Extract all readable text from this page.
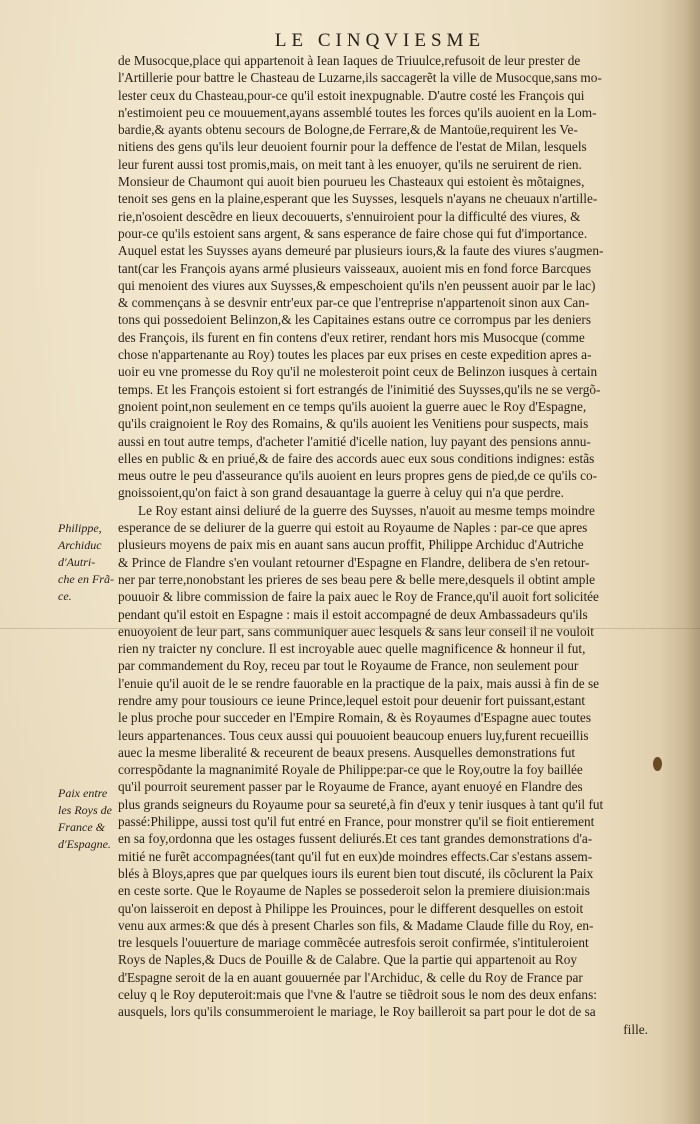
LE CINQVIESME
Philippe,
Archiduc
d'Autri-
che en Frã-
ce.
Paix entre
les Roys de
France &
d'Espagne.
de Musocque,place qui appartenoit à Iean Iaques de Triuulce,refusoit de leur prester de
l'Artillerie pour battre le Chasteau de Luzarne,ils saccagerẽt la ville de Musocque,sans mo-
lester ceux du Chasteau,pour-ce qu'il estoit inexpugnable. D'autre costé les François qui
n'estimoient peu ce mouuement,ayans assemblé toutes les forces qu'ils auoient en la Lom-
bardie,& ayants obtenu secours de Bologne,de Ferrare,& de Mantoüe,requirent les Ve-
nitiens des gens qu'ils leur deuoient fournir pour la deffence de l'estat de Milan, lesquels
leur furent aussi tost promis,mais, on meit tant à les enuoyer, qu'ils ne seruirent de rien.
Monsieur de Chaumont qui auoit bien pourueu les Chasteaux qui estoient ès mõtaignes,
tenoit ses gens en la plaine,esperant que les Suysses, lesquels n'ayans ne cheuaux n'artille-
rie,n'osoient descẽdre en lieux decouuerts, s'ennuiroient pour la difficulté des viures, &
pour-ce qu'ils estoient sans argent, & sans esperance de faire chose qui fut d'importance.
Auquel estat les Suysses ayans demeuré par plusieurs iours,& la faute des viures s'augmen-
tant(car les François ayans armé plusieurs vaisseaux, auoient mis en fond force Barcques
qui menoient des viures aux Suysses,& empeschoient qu'ils n'en peussent auoir par le lac)
& commençans à se desvnir entr'eux par-ce que l'entreprise n'appartenoit sinon aux Can-
tons qui possedoient Belinzon,& les Capitaines estans outre ce corrompus par les deniers
des François, ils furent en fin contens d'eux retirer, rendant hors mis Musocque (comme
chose n'appartenante au Roy) toutes les places par eux prises en ceste expedition apres a-
uoir eu vne promesse du Roy qu'il ne molesteroit point ceux de Belinzon iusques à certain
temps. Et les François estoient si fort estrangés de l'inimitié des Suysses,qu'ils ne se vergõ-
gnoient point,non seulement en ce temps qu'ils auoient la guerre auec le Roy d'Espagne,
qu'ils craignoient le Roy des Romains, & qu'ils auoient les Venitiens pour suspects, mais
aussi en tout autre temps, d'acheter l'amitié d'icelle nation, luy payant des pensions annu-
elles en public & en priué,& de faire des accords auec eux sous conditions indignes: estãs
meus outre le peu d'asseurance qu'ils auoient en leurs propres gens de pied,de ce qu'ils co-
gnoissoient,qu'on faict à son grand desauantage la guerre à celuy qui n'a que perdre.
Le Roy estant ainsi deliuré de la guerre des Suysses, n'auoit au mesme temps moindre
esperance de se deliurer de la guerre qui estoit au Royaume de Naples : par-ce que apres
plusieurs moyens de paix mis en auant sans aucun proffit, Philippe Archiduc d'Autriche
& Prince de Flandre s'en voulant retourner d'Espagne en Flandre, delibera de s'en retour-
ner par terre,nonobstant les prieres de ses beau pere & belle mere,desquels il obtint ample
pouuoir & libre commission de faire la paix auec le Roy de France,qu'il auoit fort solicitée
pendant qu'il estoit en Espagne : mais il estoit accompagné de deux Ambassadeurs qu'ils
enuoyoient de leur part, sans communiquer auec lesquels & sans leur conseil il ne vouloit
rien ny traicter ny conclure. Il est incroyable auec quelle magnificence & honneur il fut,
par commandement du Roy, receu par tout le Royaume de France, non seulement pour
l'enuie qu'il auoit de le se rendre fauorable en la practique de la paix, mais aussi à fin de se
rendre amy pour tousiours ce ieune Prince,lequel estoit pour deuenir fort puissant,estant
le plus proche pour succeder en l'Empire Romain, & ès Royaumes d'Espagne auec toutes
leurs appartenances. Tous ceux aussi qui pouuoient beaucoup enuers luy,furent recueillis
auec la mesme liberalité & receurent de beaux presens. Ausquelles demonstrations fut
correspõdante la magnanimité Royale de Philippe:par-ce que le Roy,outre la foy baillée
qu'il pourroit seurement passer par le Royaume de France, ayant enuoyé en Flandre des
plus grands seigneurs du Royaume pour sa seureté,à fin d'eux y tenir iusques à tant qu'il fut
passé:Philippe, aussi tost qu'il fut entré en France, pour monstrer qu'il se fioit entierement
en sa foy,ordonna que les ostages fussent deliurés.Et ces tant grandes demonstrations d'a-
mitié ne furẽt accompagnées(tant qu'il fut en eux)de moindres effects.Car s'estans assem-
blés à Bloys,apres que par quelques iours ils eurent bien tout discuté, ils cõclurent la Paix
en ceste sorte. Que le Royaume de Naples se possederoit selon la premiere diuision:mais
qu'on laisseroit en depost à Philippe les Prouinces, pour le different desquelles on estoit
venu aux armes:& que dés à present Charles son fils, & Madame Claude fille du Roy, en-
tre lesquels l'ouuerture de mariage commẽcée autresfois seroit confirmée, s'intituleroient
Roys de Naples,& Ducs de Pouille & de Calabre. Que la partie qui appartenoit au Roy
d'Espagne seroit de la en auant gouuernée par l'Archiduc, & celle du Roy de France par
celuy q le Roy deputeroit:mais que l'vne & l'autre se tiẽdroit sous le nom des deux enfans:
ausquels, lors qu'ils consummeroient le mariage, le Roy bailleroit sa part pour le dot de sa
fille.
